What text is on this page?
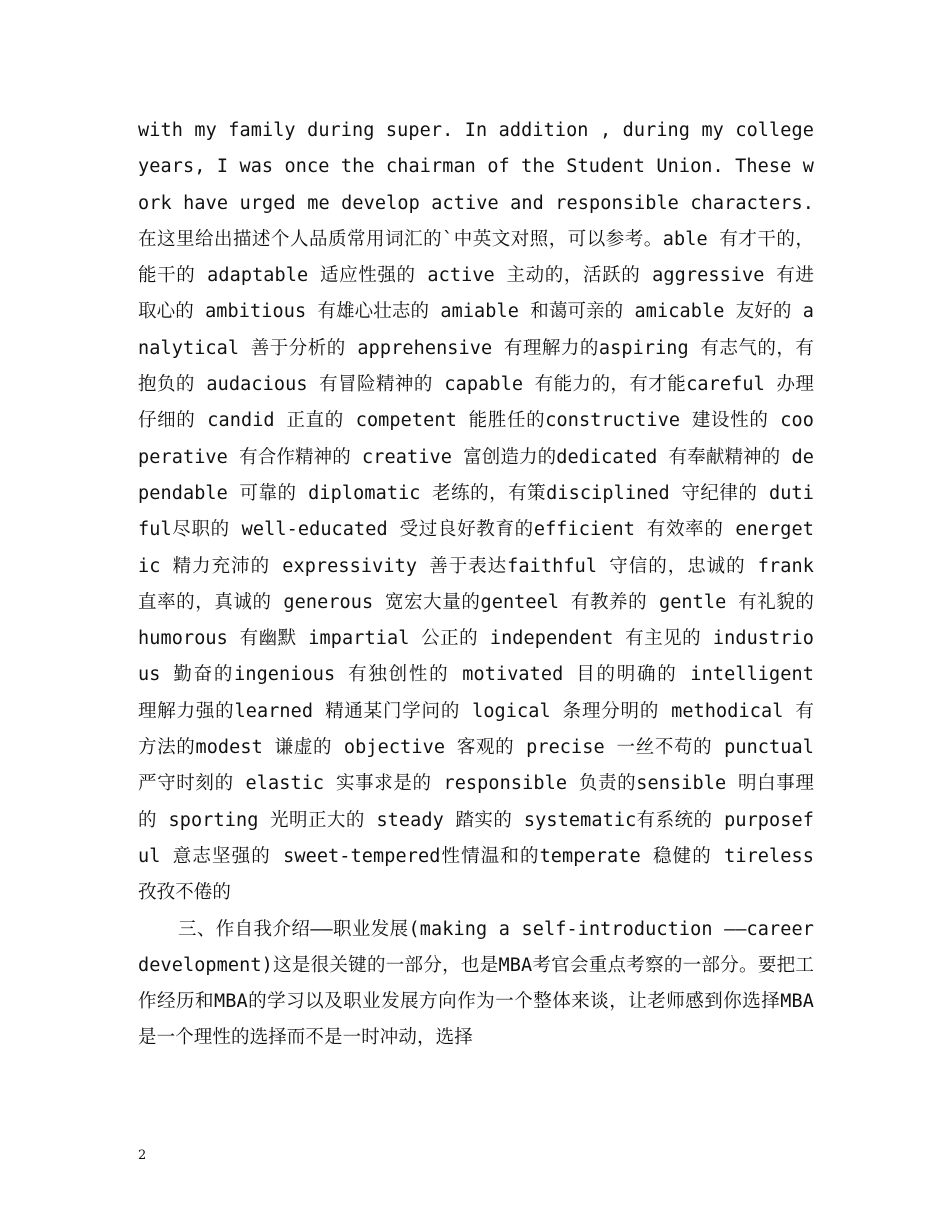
with my family during super. In addition , during my college years, I was once the chairman of the Student Union. These work have urged me develop active and responsible characters. 在这里给出描述个人品质常用词汇的`中英文对照，可以参考。able 有才干的，能干的 adaptable 适应性强的 active 主动的，活跃的 aggressive 有进取心的 ambitious 有雄心壮志的 amiable 和蔼可亲的 amicable 友好的 analytical 善于分析的 apprehensive 有理解力的aspiring 有志气的，有抱负的 audacious 有冒险精神的 capable 有能力的，有才能careful 办理仔细的 candid 正直的 competent 能胜任的constructive 建设性的 cooperative 有合作精神的 creative 富创造力的dedicated 有奉献精神的 dependable 可靠的 diplomatic 老练的，有策disciplined 守纪律的 dutiful尽职的 well-educated 受过良好教育的efficient 有效率的 energetic 精力充沛的 expressivity 善于表达faithful 守信的，忠诚的 frank 直率的，真诚的 generous 宽宏大量的genteel 有教养的 gentle 有礼貌的 humorous 有幽默 impartial 公正的 independent 有主见的 industrious 勤奋的ingenious 有独创性的 motivated 目的明确的 intelligent 理解力强的learned 精通某门学问的 logical 条理分明的 methodical 有方法的modest 谦虚的 objective 客观的 precise 一丝不苟的 punctual 严守时刻的 elastic 实事求是的 responsible 负责的sensible 明白事理的 sporting 光明正大的 steady 踏实的 systematic有系统的 purposeful 意志坚强的 sweet-tempered性情温和的temperate 稳健的 tireless 孜孜不倦的

三、作自我介绍——职业发展(making a self-introduction ——career development)这是很关键的一部分，也是MBA考官会重点考察的一部分。要把工作经历和MBA的学习以及职业发展方向作为一个整体来谈，让老师感到你选择MBA是一个理性的选择而不是一时冲动，选择

2
